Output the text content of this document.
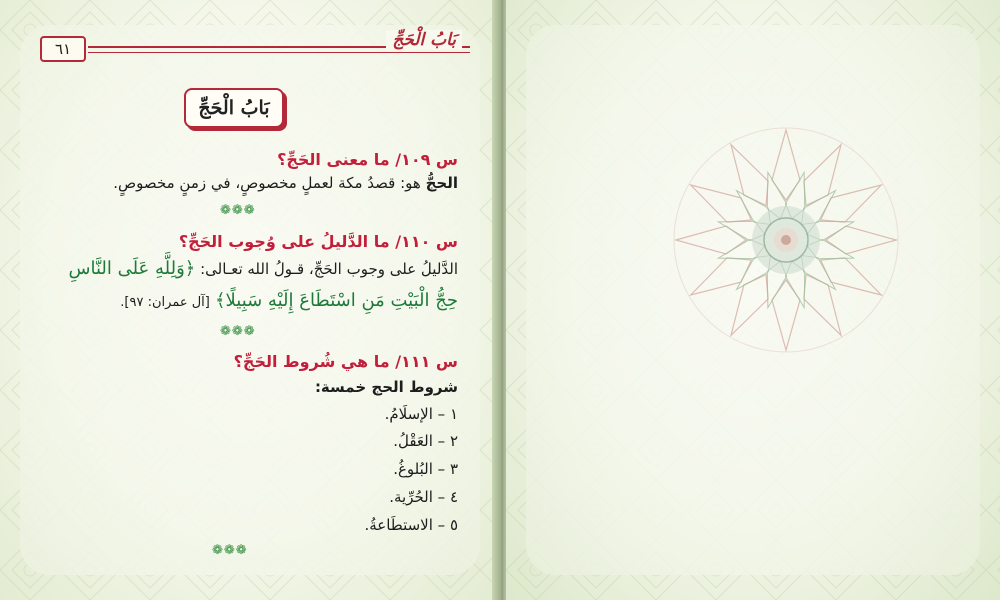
٦١	بَابُ الْحَجِّ
بَابُ الْحَجِّ
س ١٠٩/ ما معنى الحَجِّ؟
الحجُّ هو: قصدُ مكة لعملٍ مخصوصٍ، في زمنٍ مخصوصٍ.
❁❁❁
س ١١٠/ ما الدَّليلُ على وُجوب الحَجِّ؟
الدَّليلُ على وجوب الحَجِّ، قـولُ الله تعـالى: ﴿وَلِلَّهِ عَلَى النَّاسِ
حِجُّ الْبَيْتِ مَنِ اسْتَطَاعَ إِلَيْهِ سَبِيلًا﴾ [آل عمران: ٩٧].
❁❁❁
س ١١١/ ما هي شُروط الحَجِّ؟
شروط الحج خمسة:
١ – الإسلَامُ.
٢ – العَقْلُ.
٣ – البُلوغُ.
٤ – الحُرِّية.
٥ – الاستطَاعةُ.
❁❁❁
